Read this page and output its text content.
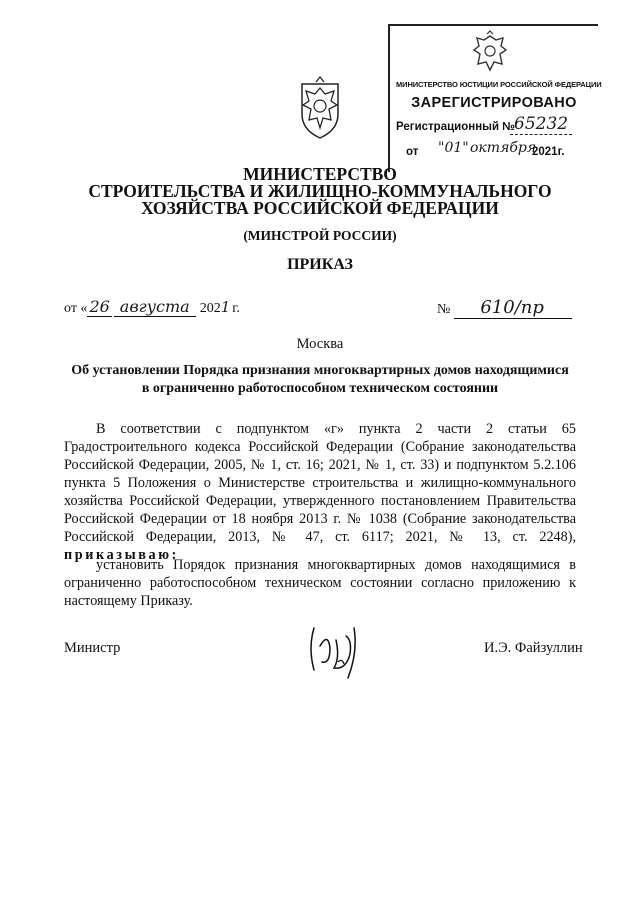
МИНИСТЕРСТВО ЮСТИЦИИ РОССИЙСКОЙ ФЕДЕРАЦИИ
ЗАРЕГИСТРИРОВАНО
Регистрационный №
65232
от "01" октября
2021г.
МИНИСТЕРСТВО
СТРОИТЕЛЬСТВА И ЖИЛИЩНО-КОММУНАЛЬНОГО
ХОЗЯЙСТВА РОССИЙСКОЙ ФЕДЕРАЦИИ
(МИНСТРОЙ РОССИИ)
ПРИКАЗ
от « 26 августа 2021 г.	№ 610/пр
Москва
Об установлении Порядка признания многоквартирных домов находящимися
в ограниченно работоспособном техническом состоянии
В соответствии с подпунктом «г» пункта 2 части 2 статьи 65 Градостроительного кодекса Российской Федерации (Собрание законодательства Российской Федерации, 2005, № 1, ст. 16; 2021, № 1, ст. 33) и подпунктом 5.2.106 пункта 5 Положения о Министерстве строительства и жилищно-коммунального хозяйства Российской Федерации, утвержденного постановлением Правительства Российской Федерации от 18 ноября 2013 г. № 1038 (Собрание законодательства Российской Федерации, 2013, № 47, ст. 6117; 2021, № 13, ст. 2248), приказываю:
установить Порядок признания многоквартирных домов находящимися в ограниченно работоспособном техническом состоянии согласно приложению к настоящему Приказу.
Министр	И.Э. Файзуллин
